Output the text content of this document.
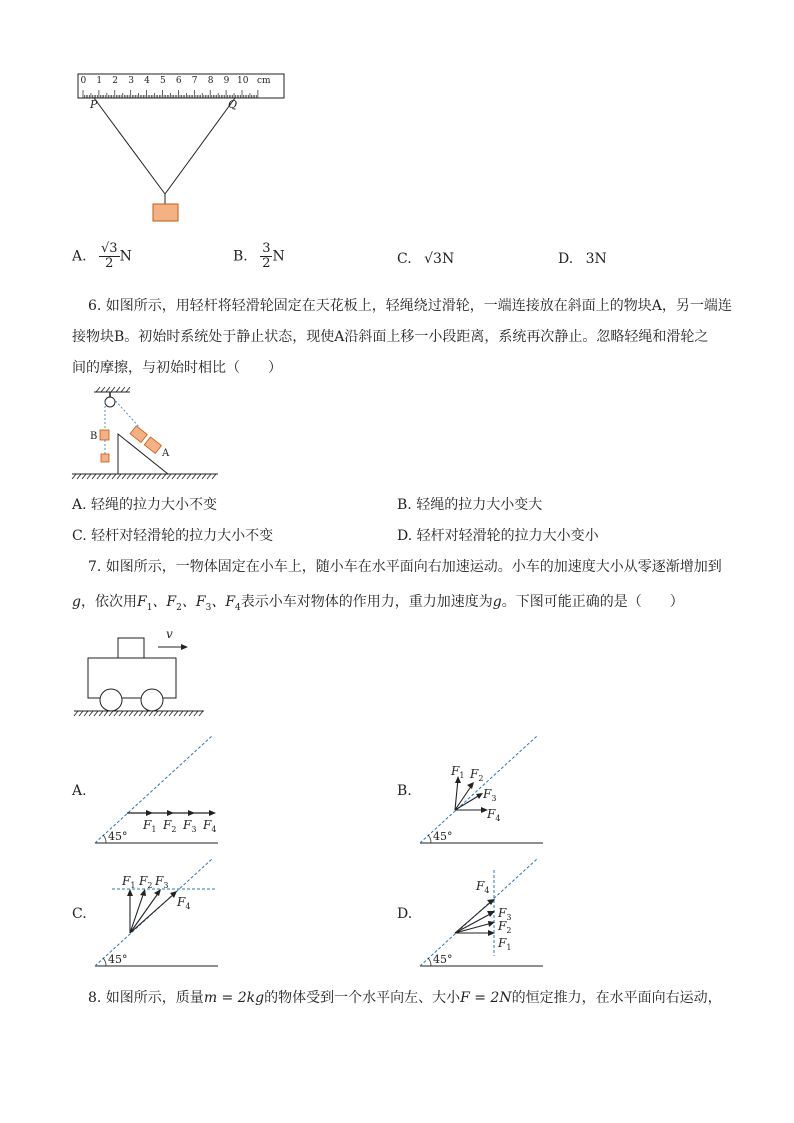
0 1 2 3 4 5 6 7 8 9 10 cm
P	Q
A. $\frac{√3}{2}$ N	B. $\frac{3}{2}$ N	C. √3N	D. 3N
6. 如图所示，用轻杆将轻滑轮固定在天花板上，轻绳绕过滑轮，一端连接放在斜面上的物块A，另一端连
接物块B。初始时系统处于静止状态，现使A沿斜面上移一小段距离，系统再次静止。忽略轻绳和滑轮之
间的摩擦，与初始时相比（　　）
B
A
A. 轻绳的拉力大小不变	B. 轻绳的拉力大小变大
C. 轻杆对轻滑轮的拉力大小不变	D. 轻杆对轻滑轮的拉力大小变小
7. 如图所示，一物体固定在小车上，随小车在水平面向右加速运动。小车的加速度大小从零逐渐增加到
g，依次用$F_1$、$F_2$、$F_3$、$F_4$表示小车对物体的作用力，重力加速度为g。下图可能正确的是（　　）
v
A.	B.
C.	D.
45°
$F_1$ $F_2$ $F_3$ $F_4$
45°
$F_1$ $F_2$
$F_3$
$F_4$
45°
$F_1$ $F_2$ $F_3$
$F_4$
45°
$F_1$
$F_2$
$F_3$
$F_4$
8. 如图所示，质量m = 2kg的物体受到一个水平向左、大小F = 2N的恒定推力，在水平面向右运动，
